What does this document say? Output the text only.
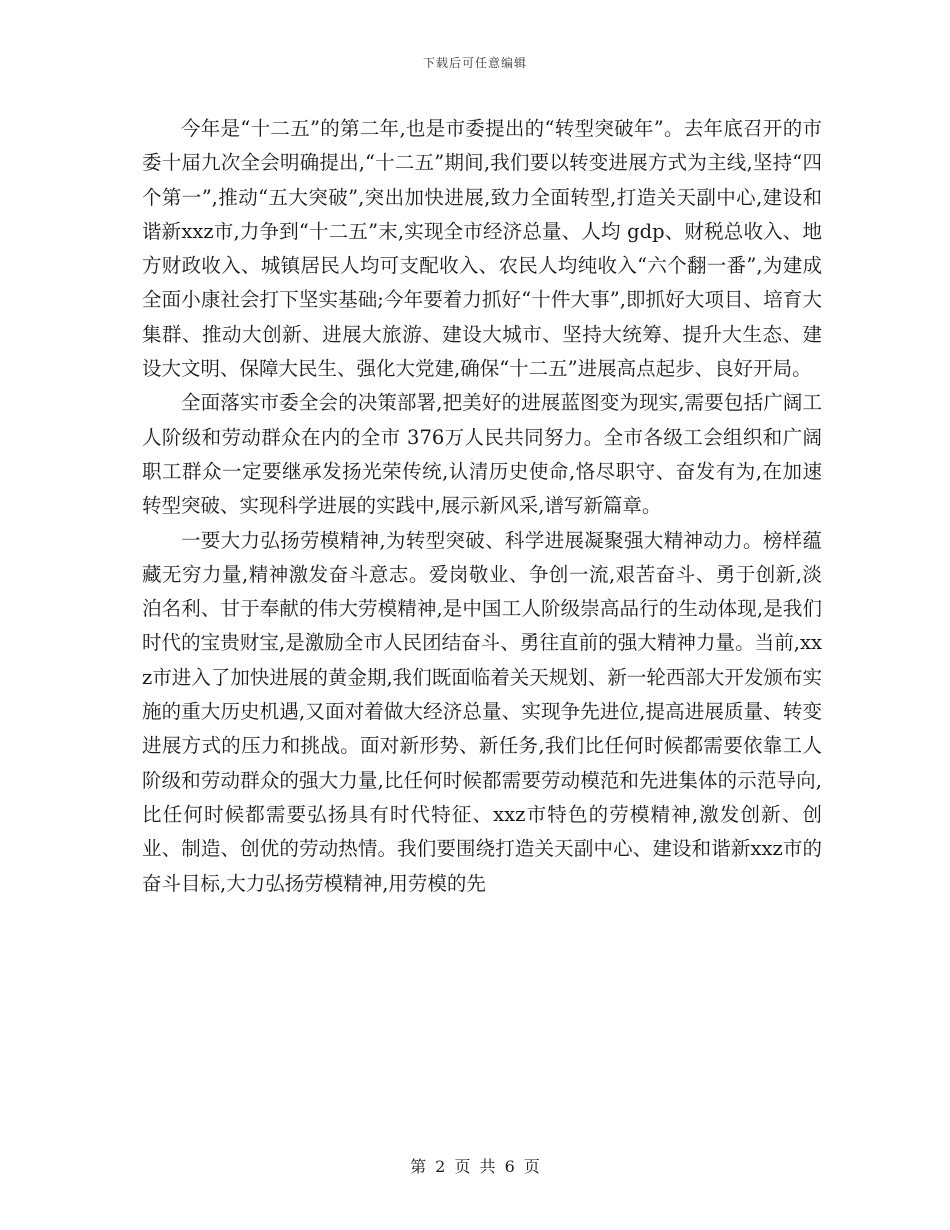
下载后可任意编辑

今年是“十二五”的第二年,也是市委提出的“转型突破年”。去年底召开的市委十届九次全会明确提出,“十二五”期间,我们要以转变进展方式为主线,坚持“四个第一”,推动“五大突破”,突出加快进展,致力全面转型,打造关天副中心,建设和谐新xxz市,力争到“十二五”末,实现全市经济总量、人均 gdp、财税总收入、地方财政收入、城镇居民人均可支配收入、农民人均纯收入“六个翻一番”,为建成全面小康社会打下坚实基础;今年要着力抓好“十件大事”,即抓好大项目、培育大集群、推动大创新、进展大旅游、建设大城市、坚持大统筹、提升大生态、建设大文明、保障大民生、强化大党建,确保“十二五”进展高点起步、良好开局。

全面落实市委全会的决策部署,把美好的进展蓝图变为现实,需要包括广阔工人阶级和劳动群众在内的全市 376万人民共同努力。全市各级工会组织和广阔职工群众一定要继承发扬光荣传统,认清历史使命,恪尽职守、奋发有为,在加速转型突破、实现科学进展的实践中,展示新风采,谱写新篇章。

一要大力弘扬劳模精神,为转型突破、科学进展凝聚强大精神动力。榜样蕴藏无穷力量,精神激发奋斗意志。爱岗敬业、争创一流,艰苦奋斗、勇于创新,淡泊名利、甘于奉献的伟大劳模精神,是中国工人阶级崇高品行的生动体现,是我们时代的宝贵财宝,是激励全市人民团结奋斗、勇往直前的强大精神力量。当前,xxz市进入了加快进展的黄金期,我们既面临着关天规划、新一轮西部大开发颁布实施的重大历史机遇,又面对着做大经济总量、实现争先进位,提高进展质量、转变进展方式的压力和挑战。面对新形势、新任务,我们比任何时候都需要依靠工人阶级和劳动群众的强大力量,比任何时候都需要劳动模范和先进集体的示范导向,比任何时候都需要弘扬具有时代特征、xxz市特色的劳模精神,激发创新、创业、制造、创优的劳动热情。我们要围绕打造关天副中心、建设和谐新xxz市的奋斗目标,大力弘扬劳模精神,用劳模的先

第 2 页 共 6 页
